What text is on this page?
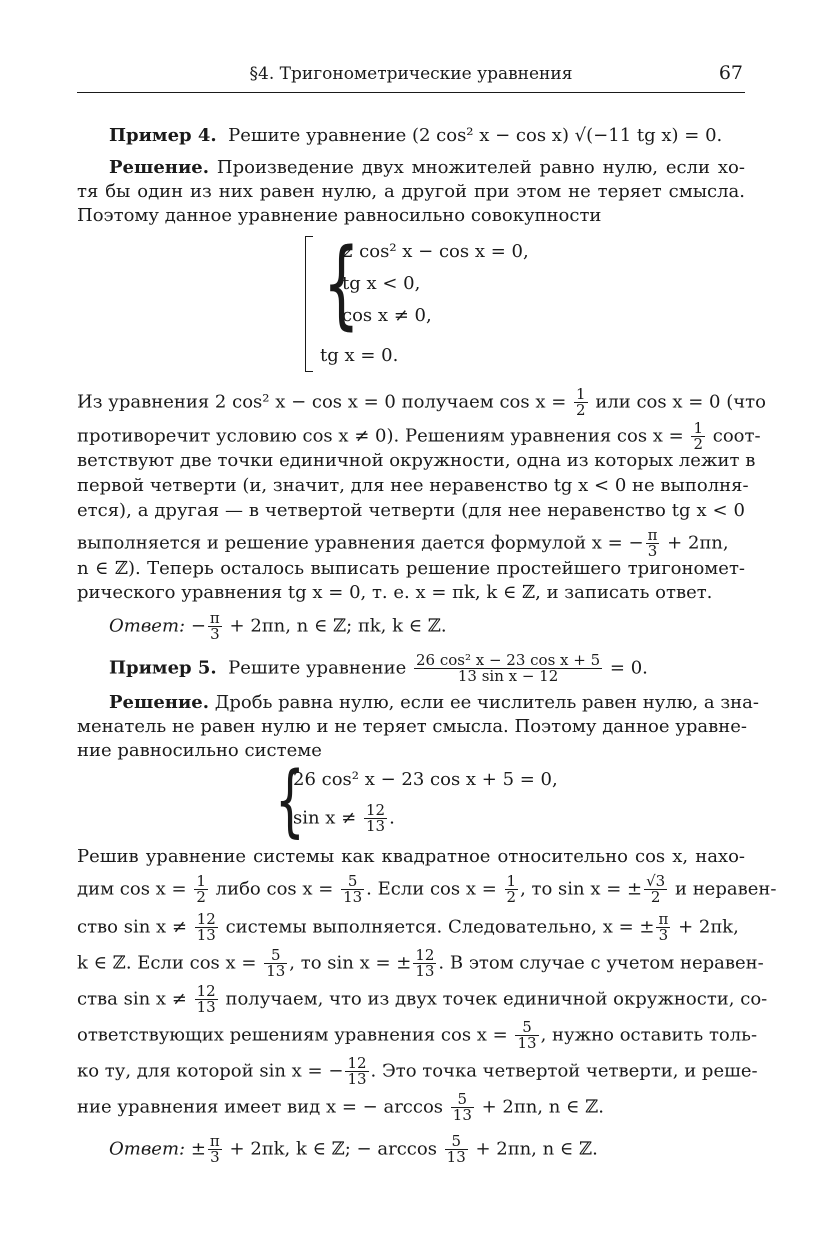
§4. Тригонометрические уравнения	67
Пример 4. Решите уравнение (2 cos² x − cos x) √(−11 tg x) = 0.
Решение. Произведение двух множителей равно нулю, если хо-
тя бы один из них равен нулю, а другой при этом не теряет смысла.
Поэтому данное уравнение равносильно совокупности
{
2 cos² x − cos x = 0,
tg x < 0,
cos x ≠ 0,
tg x = 0.
Из уравнения 2 cos² x − cos x = 0 получаем $\cos x = \frac{1}{2}$ или cos x = 0 (что
противоречит условию cos x ≠ 0). Решениям уравнения $\cos x = \frac{1}{2}$ соот-
ветствуют две точки единичной окружности, одна из которых лежит в
первой четверти (и, значит, для нее неравенство tg x < 0 не выполня-
ется), а другая — в четвертой четверти (для нее неравенство tg x < 0
выполняется и решение уравнения дается формулой x = − $\frac{\pi}{3} + 2\pi n$,
n ∈ ℤ). Теперь осталось выписать решение простейшего тригономет-
рического уравнения tg x = 0, т. е. x = πk, k ∈ ℤ, и записать ответ.
Ответ: − $\frac{\pi}{3} + 2\pi n$, n ∈ ℤ; πk, k ∈ ℤ.
Пример 5. Решите уравнение $\frac{\text{26 cos² x − 23 cos x + 5}}{\text{13 sin x − 12}} = 0$.
Решение. Дробь равна нулю, если ее числитель равен нулю, а зна-
менатель не равен нулю и не теряет смысла. Поэтому данное уравне-
ние равносильно системе
{
26 cos² x − 23 cos x + 5 = 0,
$\sin x \ne \frac{12}{13}$ .
Решив уравнение системы как квадратное относительно cos x, нахо-
дим $\cos x = \frac{1}{2}$ либо $\cos x = \frac{5}{13}$ . Если $\cos x = \frac{1}{2}$ , то sin x = ± $\frac{√3}{2}$ и неравен-
ство $\sin x \ne \frac{12}{13}$ системы выполняется. Следовательно, x = ± $\frac{\pi}{3} + 2\pi k$,
k ∈ ℤ. Если $\cos x = \frac{5}{13}$ , то sin x = ± $\frac{12}{13}$ . В этом случае с учетом неравен-
ства $\sin x \ne \frac{12}{13}$ получаем, что из двух точек единичной окружности, со-
ответствующих решениям уравнения $\cos x = \frac{5}{13}$ , нужно оставить толь-
ко ту, для которой sin x = − $\frac{12}{13}$ . Это точка четвертой четверти, и реше-
ние уравнения имеет вид x = − $\arccos \frac{5}{13} + 2\pi n$, n ∈ ℤ.
Ответ: ± $\frac{\pi}{3} + 2\pi k$, k ∈ ℤ; − $\arccos \frac{5}{13} + 2\pi n$, n ∈ ℤ.
